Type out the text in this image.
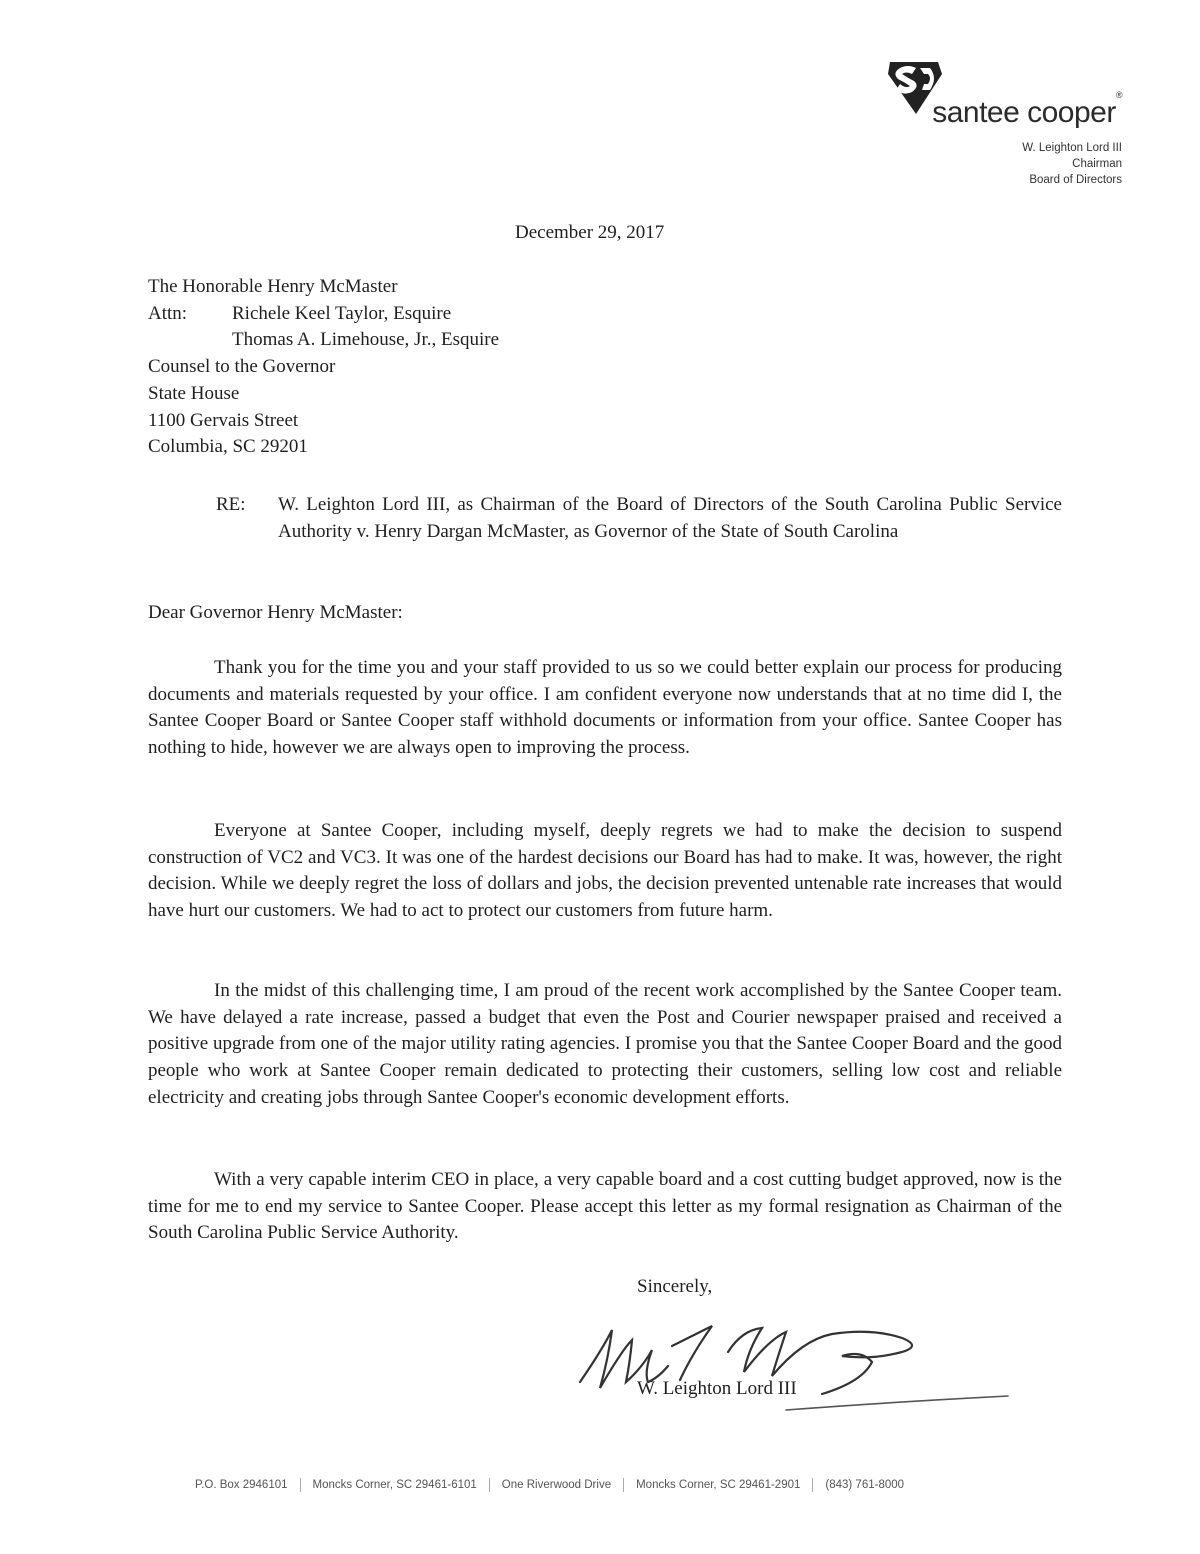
santee cooper®
W. Leighton Lord III
Chairman
Board of Directors
December 29, 2017
The Honorable Henry McMaster
Attn:	Richele Keel Taylor, Esquire
Thomas A. Limehouse, Jr., Esquire
Counsel to the Governor
State House
1100 Gervais Street
Columbia, SC 29201
RE:	W. Leighton Lord III, as Chairman of the Board of Directors of the South Carolina Public Service Authority v. Henry Dargan McMaster, as Governor of the State of South Carolina
Dear Governor Henry McMaster:
Thank you for the time you and your staff provided to us so we could better explain our process for producing documents and materials requested by your office. I am confident everyone now understands that at no time did I, the Santee Cooper Board or Santee Cooper staff withhold documents or information from your office. Santee Cooper has nothing to hide, however we are always open to improving the process.
Everyone at Santee Cooper, including myself, deeply regrets we had to make the decision to suspend construction of VC2 and VC3. It was one of the hardest decisions our Board has had to make. It was, however, the right decision. While we deeply regret the loss of dollars and jobs, the decision prevented untenable rate increases that would have hurt our customers. We had to act to protect our customers from future harm.
In the midst of this challenging time, I am proud of the recent work accomplished by the Santee Cooper team. We have delayed a rate increase, passed a budget that even the Post and Courier newspaper praised and received a positive upgrade from one of the major utility rating agencies. I promise you that the Santee Cooper Board and the good people who work at Santee Cooper remain dedicated to protecting their customers, selling low cost and reliable electricity and creating jobs through Santee Cooper's economic development efforts.
With a very capable interim CEO in place, a very capable board and a cost cutting budget approved, now is the time for me to end my service to Santee Cooper. Please accept this letter as my formal resignation as Chairman of the South Carolina Public Service Authority.
Sincerely,
W. Leighton Lord III
P.O. Box 2946101 Moncks Corner, SC 29461-6101 One Riverwood Drive Moncks Corner, SC 29461-2901 (843) 761-8000
